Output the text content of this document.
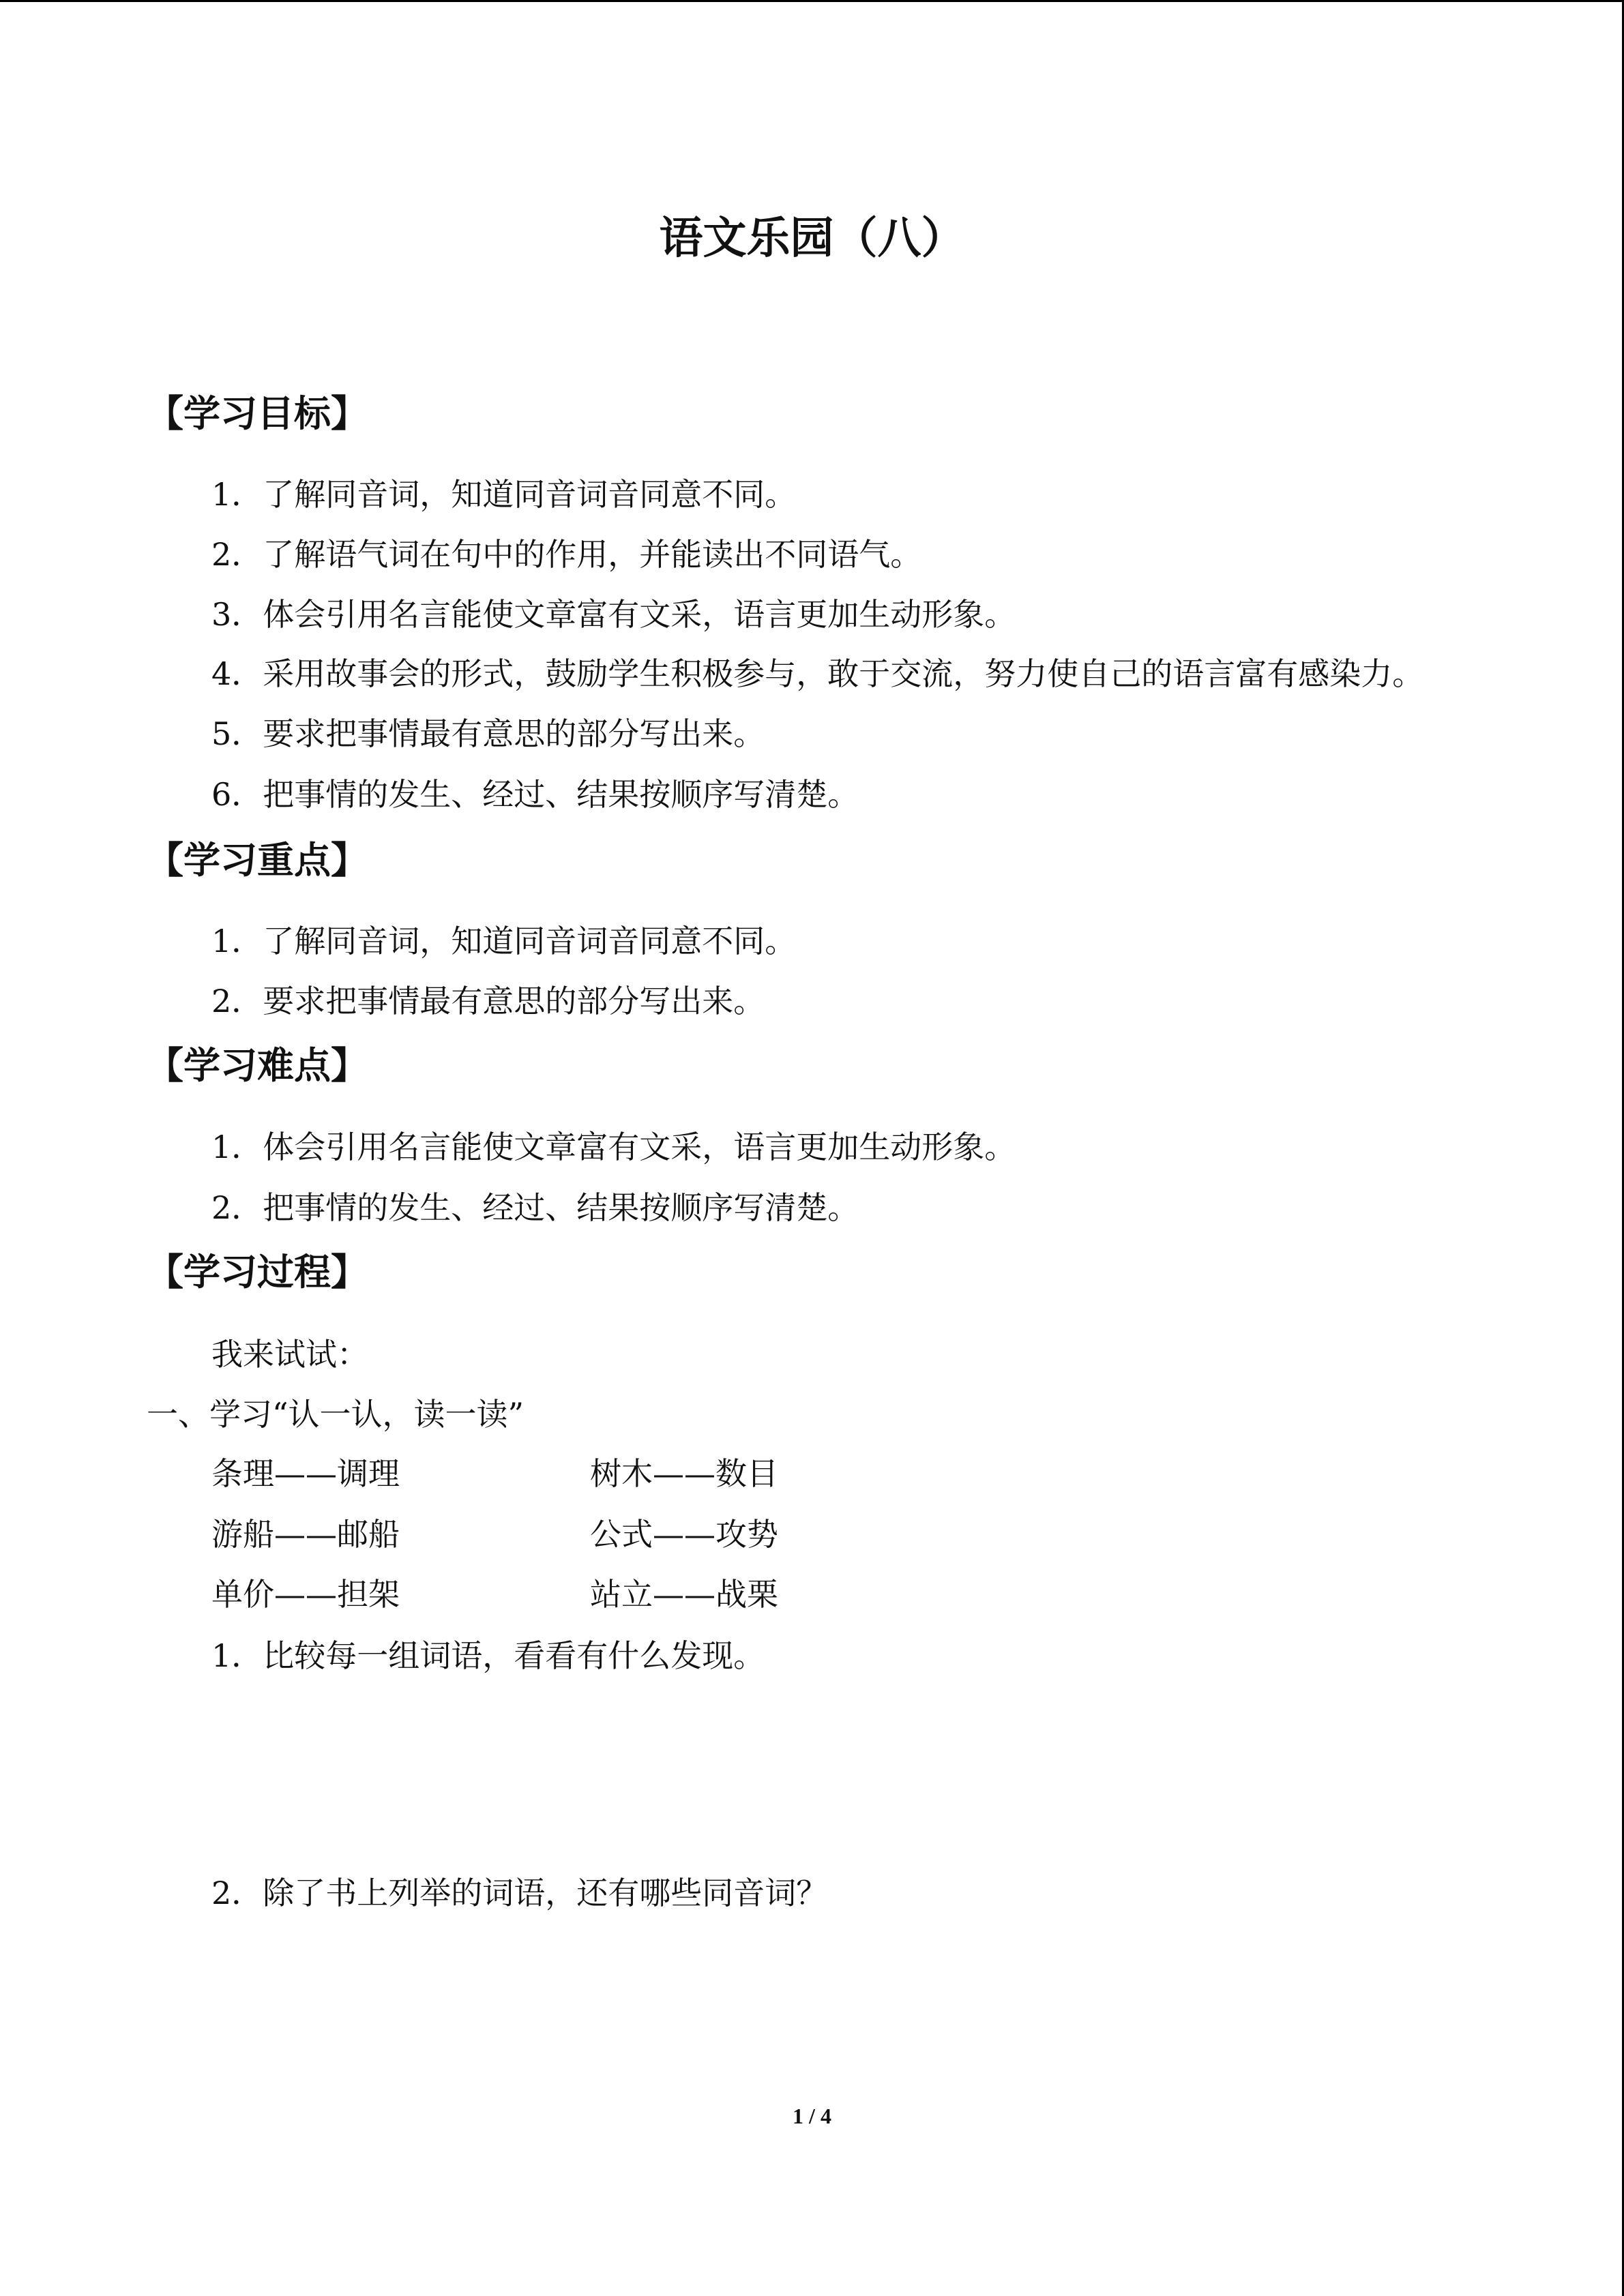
语文乐园（八）
【学习目标】
1．了解同音词，知道同音词音同意不同。
2．了解语气词在句中的作用，并能读出不同语气。
3．体会引用名言能使文章富有文采，语言更加生动形象。
4．采用故事会的形式，鼓励学生积极参与，敢于交流，努力使自己的语言富有感染力。
5．要求把事情最有意思的部分写出来。
6．把事情的发生、经过、结果按顺序写清楚。
【学习重点】
1．了解同音词，知道同音词音同意不同。
2．要求把事情最有意思的部分写出来。
【学习难点】
1．体会引用名言能使文章富有文采，语言更加生动形象。
2．把事情的发生、经过、结果按顺序写清楚。
【学习过程】
我来试试：
一、学习“认一认，读一读”
条理——调理	树木——数目
游船——邮船	公式——攻势
单价——担架	站立——战栗
1．比较每一组词语，看看有什么发现。
2．除了书上列举的词语，还有哪些同音词？
1 / 4
